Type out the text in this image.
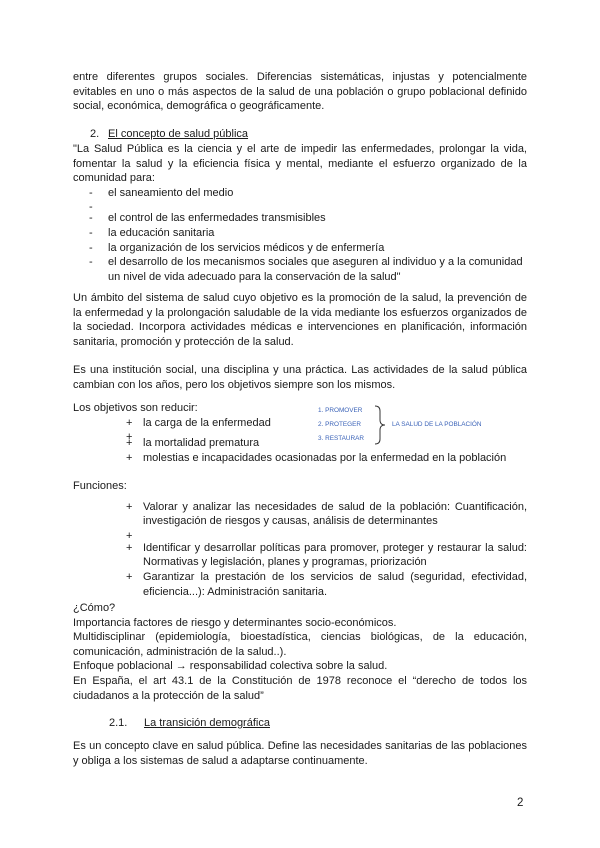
entre diferentes grupos sociales. Diferencias sistemáticas, injustas y potencialmente evitables en uno o más aspectos de la salud de una población o grupo poblacional definido social, económica, demográfica o geográficamente.

2. El concepto de salud pública

"La Salud Pública es la ciencia y el arte de impedir las enfermedades, prolongar la vida, fomentar la salud y la eficiencia física y mental, mediante el esfuerzo organizado de la comunidad para:

- el saneamiento del medio
-
- el control de las enfermedades transmisibles
- la educación sanitaria
- la organización de los servicios médicos y de enfermería
- el desarrollo de los mecanismos sociales que aseguren al individuo y a la comunidad un nivel de vida adecuado para la conservación de la salud"

Un ámbito del sistema de salud cuyo objetivo es la promoción de la salud, la prevención de la enfermedad y la prolongación saludable de la vida mediante los esfuerzos organizados de la sociedad. Incorpora actividades médicas e intervenciones en planificación, información sanitaria, promoción y protección de la salud.

Es una institución social, una disciplina y una práctica. Las actividades de la salud pública cambian con los años, pero los objetivos siempre son los mismos.

Los objetivos son reducir:
+ la carga de la enfermedad
+
+ la mortalidad prematura
+ molestias e incapacidades ocasionadas por la enfermedad en la población
1. PROMOVER
2. PROTEGER
3. RESTAURAR
LA SALUD DE LA POBLACIÓN
Funciones:
+ Valorar y analizar las necesidades de salud de la población: Cuantificación, investigación de riesgos y causas, análisis de determinantes
+
+ Identificar y desarrollar políticas para promover, proteger y restaurar la salud: Normativas y legislación, planes y programas, priorización
+ Garantizar la prestación de los servicios de salud (seguridad, efectividad, eficiencia...): Administración sanitaria.
¿Cómo?
Importancia factores de riesgo y determinantes socio-económicos.
Multidisciplinar (epidemiología, bioestadística, ciencias biológicas, de la educación, comunicación, administración de la salud..).
Enfoque poblacional → responsabilidad colectiva sobre la salud.
En España, el art 43.1 de la Constitución de 1978 reconoce el “derecho de todos los ciudadanos a la protección de la salud”
2.1. La transición demográfica

Es un concepto clave en salud pública. Define las necesidades sanitarias de las poblaciones y obliga a los sistemas de salud a adaptarse continuamente.

2
